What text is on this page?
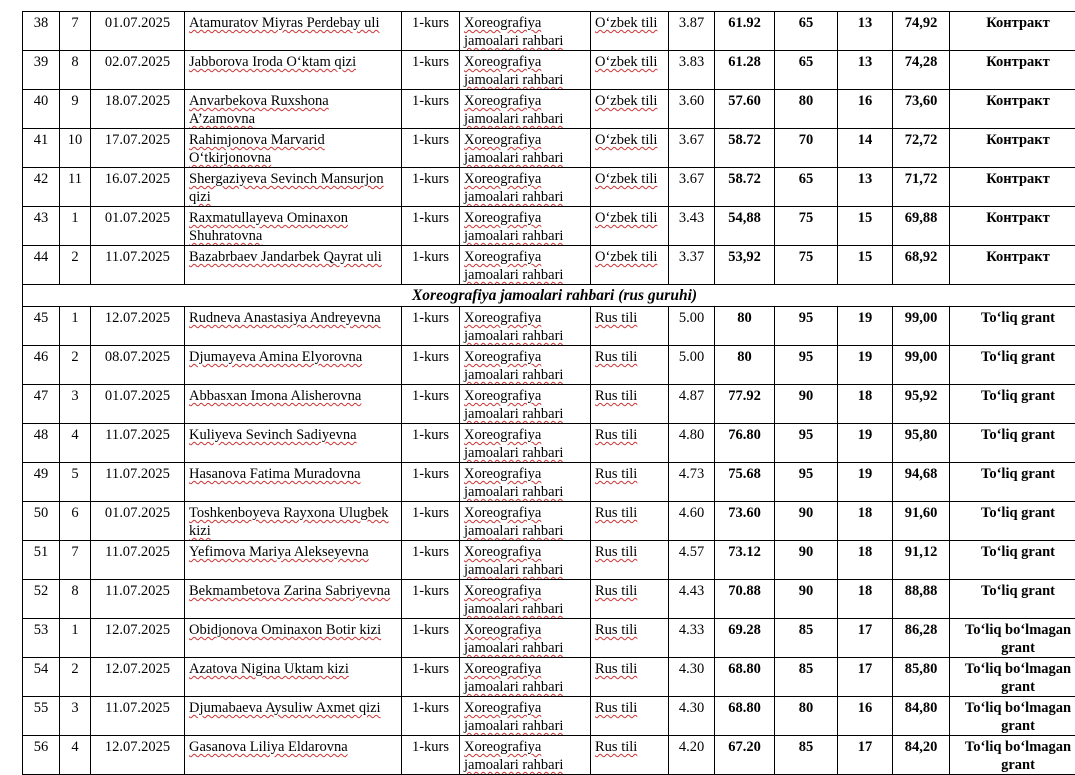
38	7	01.07.2025	Atamuratov Miyras Perdebay uli	1-kurs	Xoreografiya jamoalari rahbari	O‘zbek tili	3.87	61.92	65	13	74,92	Контракт
39	8	02.07.2025	Jabborova Iroda O‘ktam qizi	1-kurs	Xoreografiya jamoalari rahbari	O‘zbek tili	3.83	61.28	65	13	74,28	Контракт
40	9	18.07.2025	Anvarbekova Ruxshona A’zamovna	1-kurs	Xoreografiya jamoalari rahbari	O‘zbek tili	3.60	57.60	80	16	73,60	Контракт
41	10	17.07.2025	Rahimjonova Marvarid O‘tkirjonovna	1-kurs	Xoreografiya jamoalari rahbari	O‘zbek tili	3.67	58.72	70	14	72,72	Контракт
42	11	16.07.2025	Shergaziyeva Sevinch Mansurjon qizi	1-kurs	Xoreografiya jamoalari rahbari	O‘zbek tili	3.67	58.72	65	13	71,72	Контракт
43	1	01.07.2025	Raxmatullayeva Ominaxon Shuhratovna	1-kurs	Xoreografiya jamoalari rahbari	O‘zbek tili	3.43	54,88	75	15	69,88	Контракт
44	2	11.07.2025	Bazabrbaev Jandarbek Qayrat uli	1-kurs	Xoreografiya jamoalari rahbari	O‘zbek tili	3.37	53,92	75	15	68,92	Контракт
Xoreografiya jamoalari rahbari (rus guruhi)												
45	1	12.07.2025	Rudneva Anastasiya Andreyevna	1-kurs	Xoreografiya jamoalari rahbari	Rus tili	5.00	80	95	19	99,00	To‘liq grant
46	2	08.07.2025	Djumayeva Amina Elyorovna	1-kurs	Xoreografiya jamoalari rahbari	Rus tili	5.00	80	95	19	99,00	To‘liq grant
47	3	01.07.2025	Abbasxan Imona Alisherovna	1-kurs	Xoreografiya jamoalari rahbari	Rus tili	4.87	77.92	90	18	95,92	To‘liq grant
48	4	11.07.2025	Kuliyeva Sevinch Sadiyevna	1-kurs	Xoreografiya jamoalari rahbari	Rus tili	4.80	76.80	95	19	95,80	To‘liq grant
49	5	11.07.2025	Hasanova Fatima Muradovna	1-kurs	Xoreografiya jamoalari rahbari	Rus tili	4.73	75.68	95	19	94,68	To‘liq grant
50	6	01.07.2025	Toshkenboyeva Rayxona Ulugbek kizi	1-kurs	Xoreografiya jamoalari rahbari	Rus tili	4.60	73.60	90	18	91,60	To‘liq grant
51	7	11.07.2025	Yefimova Mariya Alekseyevna	1-kurs	Xoreografiya jamoalari rahbari	Rus tili	4.57	73.12	90	18	91,12	To‘liq grant
52	8	11.07.2025	Bekmambetova Zarina Sabriyevna	1-kurs	Xoreografiya jamoalari rahbari	Rus tili	4.43	70.88	90	18	88,88	To‘liq grant
53	1	12.07.2025	Obidjonova Ominaxon Botir kizi	1-kurs	Xoreografiya jamoalari rahbari	Rus tili	4.33	69.28	85	17	86,28	To‘liq bo‘lmagan grant
54	2	12.07.2025	Azatova Nigina Uktam kizi	1-kurs	Xoreografiya jamoalari rahbari	Rus tili	4.30	68.80	85	17	85,80	To‘liq bo‘lmagan grant
55	3	11.07.2025	Djumabaeva Aysuliw Axmet qizi	1-kurs	Xoreografiya jamoalari rahbari	Rus tili	4.30	68.80	80	16	84,80	To‘liq bo‘lmagan grant
56	4	12.07.2025	Gasanova Liliya Eldarovna	1-kurs	Xoreografiya jamoalari rahbari	Rus tili	4.20	67.20	85	17	84,20	To‘liq bo‘lmagan grant
